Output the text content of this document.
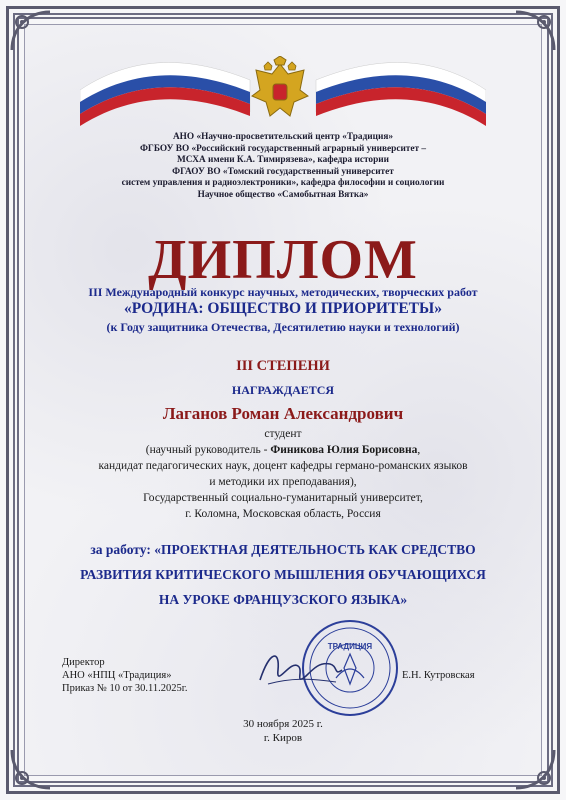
АНО «Научно-просветительский центр «Традиция»
ФГБОУ ВО «Российский государственный аграрный университет –
МСХА имени К.А. Тимирязева», кафедра истории
ФГАОУ ВО «Томский государственный университет
систем управления и радиоэлектроники», кафедра философии и социологии
Научное общество «Самобытная Вятка»
ДИПЛОМ
III Международный конкурс научных, методических, творческих работ
«РОДИНА: ОБЩЕСТВО И ПРИОРИТЕТЫ»
(к Году защитника Отечества, Десятилетию науки и технологий)
III СТЕПЕНИ
НАГРАЖДАЕТСЯ
Лаганов Роман Александрович
студент
(научный руководитель - Финикова Юлия Борисовна,
кандидат педагогических наук, доцент кафедры германо-романских языков
и методики их преподавания),
Государственный социально-гуманитарный университет,
г. Коломна, Московская область, Россия
за работу: «ПРОЕКТНАЯ ДЕЯТЕЛЬНОСТЬ КАК СРЕДСТВО
РАЗВИТИЯ КРИТИЧЕСКОГО МЫШЛЕНИЯ ОБУЧАЮЩИХСЯ
НА УРОКЕ ФРАНЦУЗСКОГО ЯЗЫКА»
Директор
АНО «НПЦ «Традиция»
Приказ № 10 от 30.11.2025г.
Е.Н. Кутровская
ТРАДИЦИЯ
30 ноября 2025 г.
г. Киров
